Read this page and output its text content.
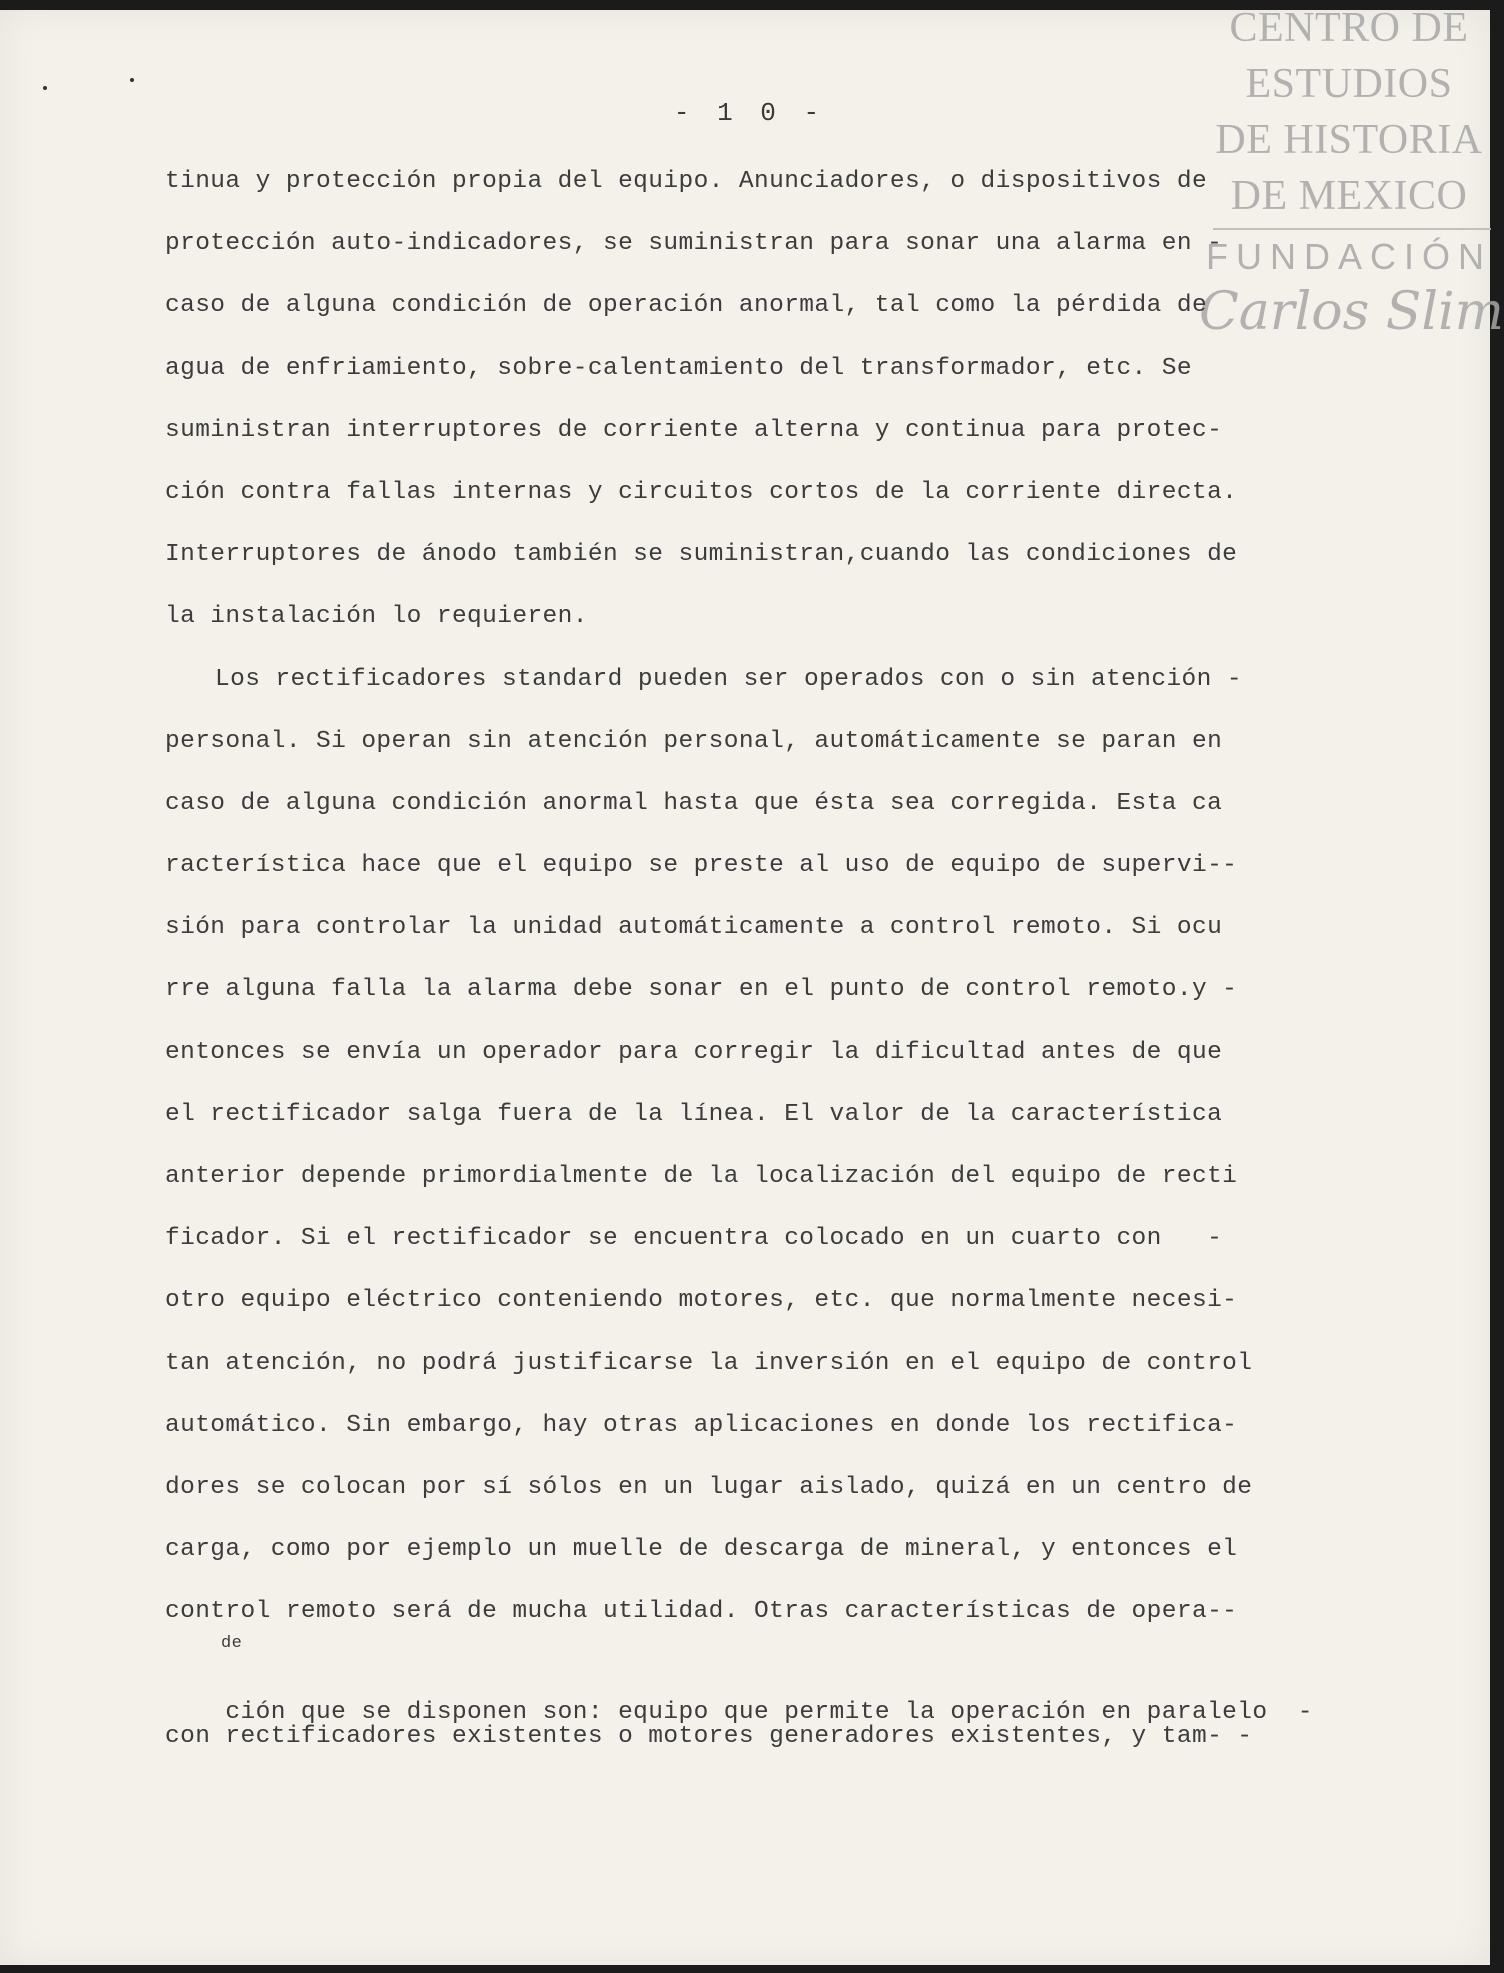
CENTRO DE
ESTUDIOS
DE HISTORIA
DE MEXICO
FUNDACIÓN
Carlos Slim
- 1 0 -
tinua y protección propia del equipo. Anunciadores, o dispositivos de
protección auto-indicadores, se suministran para sonar una alarma en -
caso de alguna condición de operación anormal, tal como la pérdida de
agua de enfriamiento, sobre-calentamiento del transformador, etc. Se
suministran interruptores de corriente alterna y continua para protec-
ción contra fallas internas y circuitos cortos de la corriente directa.
Interruptores de ánodo también se suministran,cuando las condiciones de
la instalación lo requieren.
Los rectificadores standard pueden ser operados con o sin atención -
personal. Si operan sin atención personal, automáticamente se paran en
caso de alguna condición anormal hasta que ésta sea corregida. Esta ca
racterística hace que el equipo se preste al uso de equipo de supervi--
sión para controlar la unidad automáticamente a control remoto. Si ocu
rre alguna falla la alarma debe sonar en el punto de control remoto.y -
entonces se envía un operador para corregir la dificultad antes de que
el rectificador salga fuera de la línea. El valor de la característica
anterior depende primordialmente de la localización del equipo de recti
ficador. Si el rectificador se encuentra colocado en un cuarto con   -
otro equipo eléctrico conteniendo motores, etc. que normalmente necesi-
tan atención, no podrá justificarse la inversión en el equipo de control
automático. Sin embargo, hay otras aplicaciones en donde los rectifica-
dores se colocan por sí sólos en un lugar aislado, quizá en un centro de
carga, como por ejemplo un muelle de descarga de mineral, y entonces el
control remoto será de mucha utilidad. Otras características de opera--

de
ción que se disponen son: equipo que permite la operación en paralelo  -

con rectificadores existentes o motores generadores existentes, y tam- -
